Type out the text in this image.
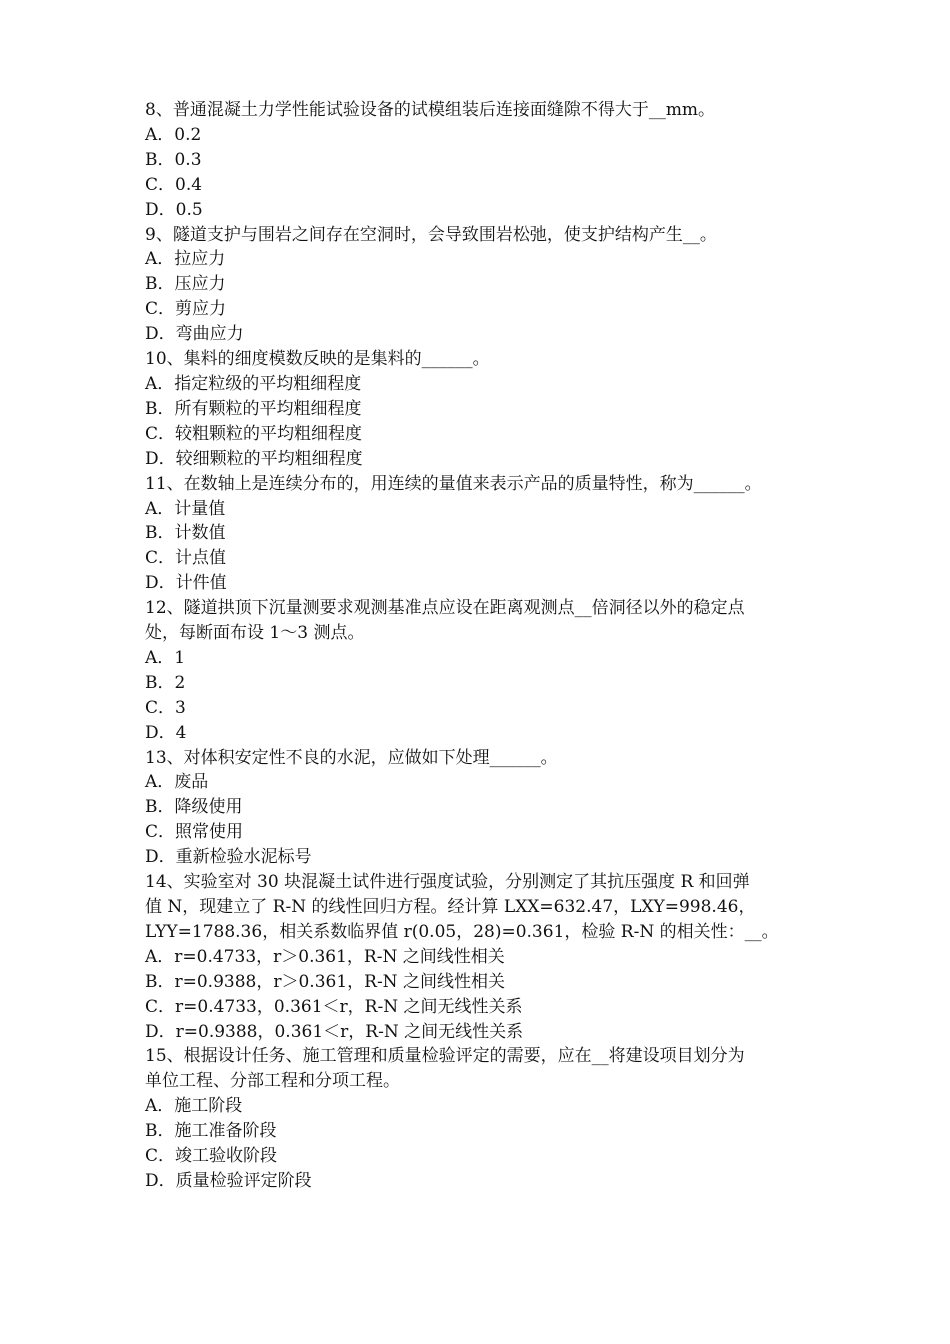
8、普通混凝土力学性能试验设备的试模组装后连接面缝隙不得大于__mm。
A．0.2
B．0.3
C．0.4
D．0.5
9、隧道支护与围岩之间存在空洞时，会导致围岩松弛，使支护结构产生__。
A．拉应力
B．压应力
C．剪应力
D．弯曲应力
10、集料的细度模数反映的是集料的______。
A．指定粒级的平均粗细程度
B．所有颗粒的平均粗细程度
C．较粗颗粒的平均粗细程度
D．较细颗粒的平均粗细程度
11、在数轴上是连续分布的，用连续的量值来表示产品的质量特性，称为______。
A．计量值
B．计数值
C．计点值
D．计件值
12、隧道拱顶下沉量测要求观测基准点应设在距离观测点__倍洞径以外的稳定点
处，每断面布设 1～3 测点。
A．1
B．2
C．3
D．4
13、对体积安定性不良的水泥，应做如下处理______。
A．废品
B．降级使用
C．照常使用
D．重新检验水泥标号
14、实验室对 30 块混凝土试件进行强度试验，分别测定了其抗压强度 R 和回弹
值 N，现建立了 R-N 的线性回归方程。经计算 LXX=632.47，LXY=998.46，
LYY=1788.36，相关系数临界值 r(0.05，28)=0.361，检验 R-N 的相关性：__。
A．r=0.4733，r＞0.361，R-N 之间线性相关
B．r=0.9388，r＞0.361，R-N 之间线性相关
C．r=0.4733，0.361＜r，R-N 之间无线性关系
D．r=0.9388，0.361＜r，R-N 之间无线性关系
15、根据设计任务、施工管理和质量检验评定的需要，应在__将建设项目划分为
单位工程、分部工程和分项工程。
A．施工阶段
B．施工准备阶段
C．竣工验收阶段
D．质量检验评定阶段
